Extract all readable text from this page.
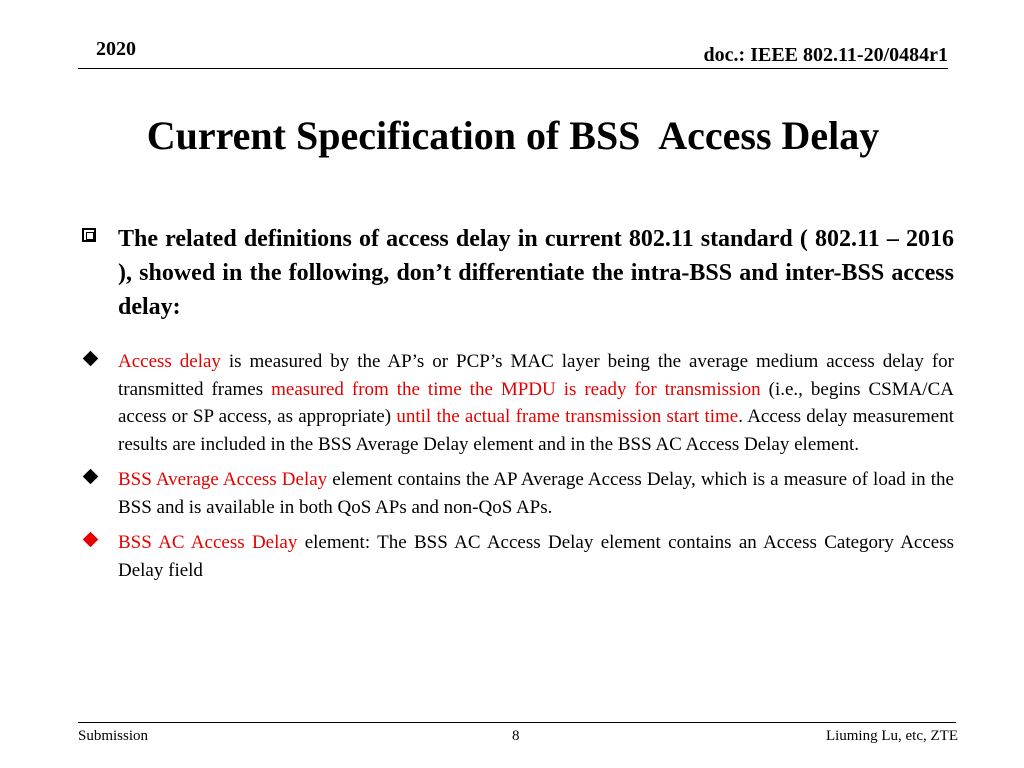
2020	doc.: IEEE 802.11-20/0484r1
Current Specification of BSS  Access Delay

The related definitions of access delay in current 802.11 standard ( 802.11 – 2016 ), showed in the following, don’t differentiate the intra-BSS and inter-BSS access delay:

Access delay is measured by the AP’s or PCP’s MAC layer being the average medium access delay for transmitted frames measured from the time the MPDU is ready for transmission (i.e., begins CSMA/CA access or SP access, as appropriate) until the actual frame transmission start time. Access delay measurement results are included in the BSS Average Delay element and in the BSS AC Access Delay element.

BSS Average Access Delay element contains the AP Average Access Delay, which is a measure of load in the BSS and is available in both QoS APs and non-QoS APs.

BSS AC Access Delay element: The BSS AC Access Delay element contains an Access Category Access Delay field

Submission	8	Liuming Lu, etc, ZTE
